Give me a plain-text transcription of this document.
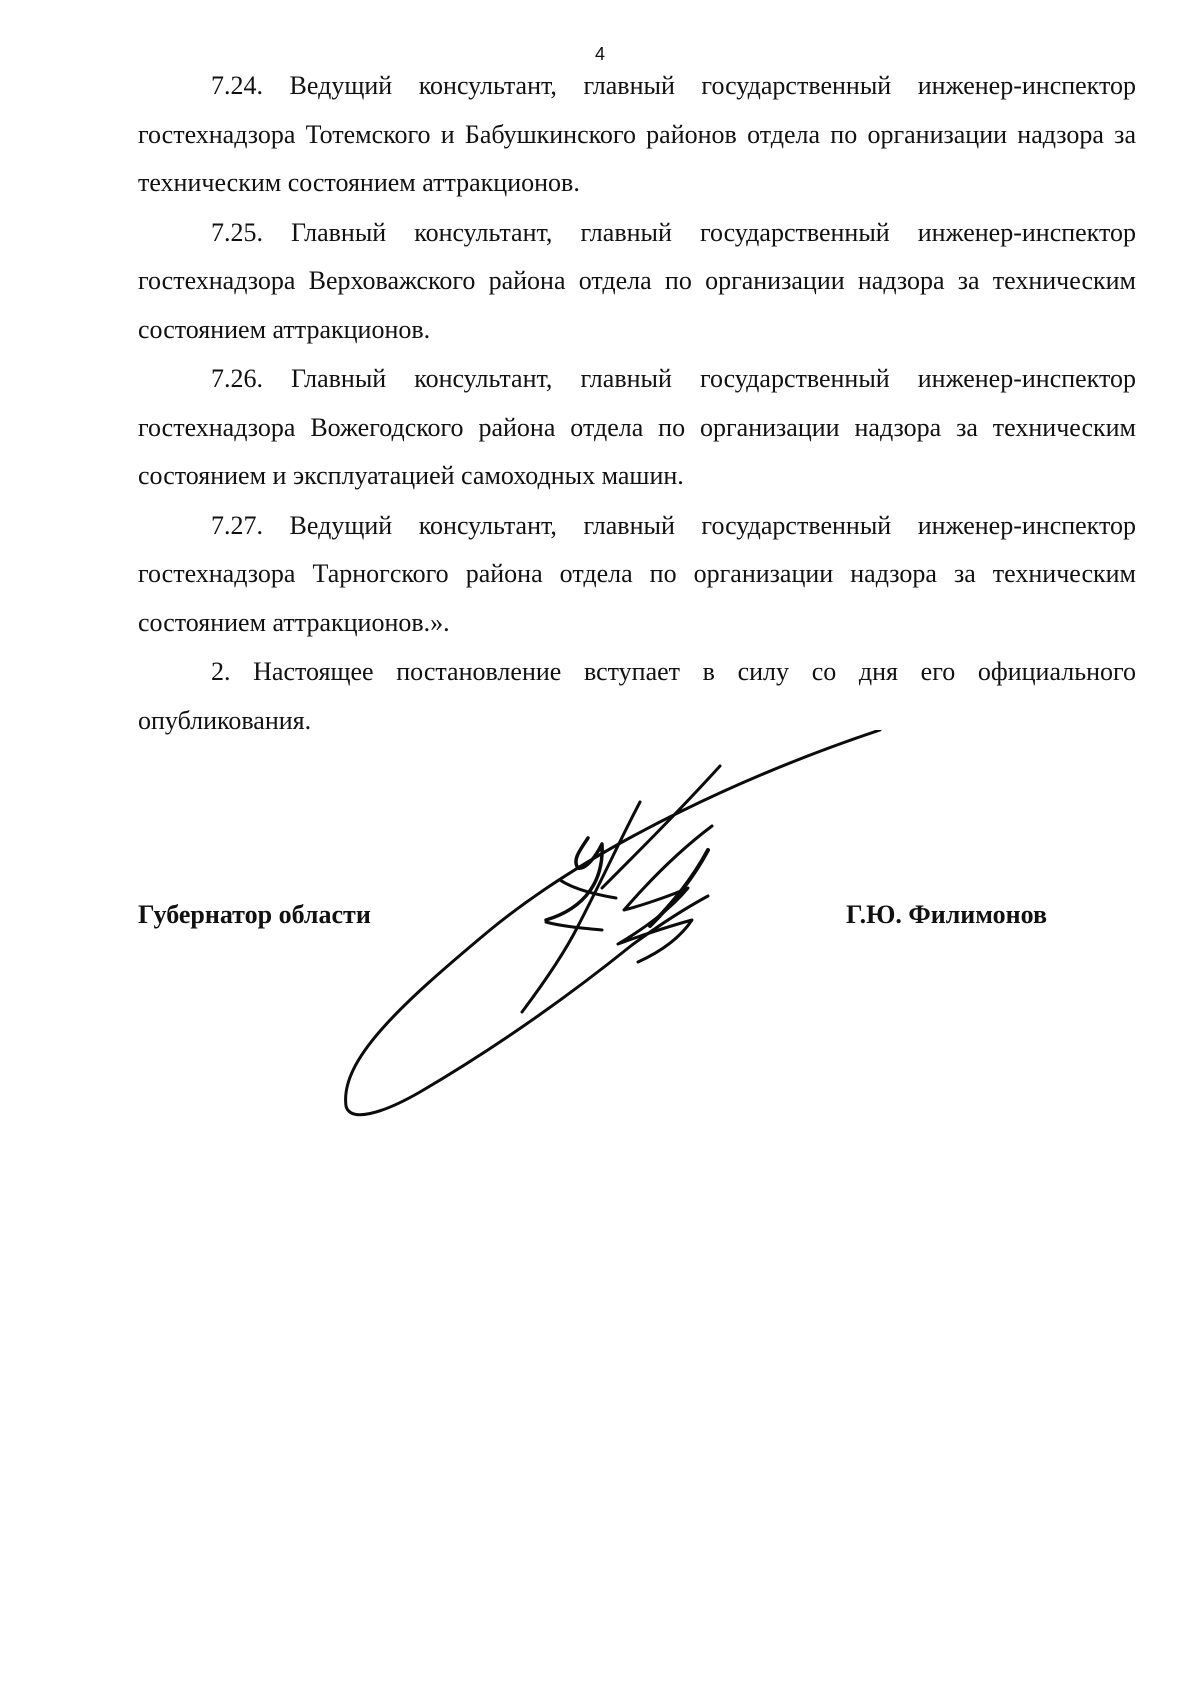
4

7.24. Ведущий консультант, главный государственный инженер-инспектор гостехнадзора Тотемского и Бабушкинского районов отдела по организации надзора за техническим состоянием аттракционов.

7.25. Главный консультант, главный государственный инженер-инспектор гостехнадзора Верховажского района отдела по организации надзора за техническим состоянием аттракционов.

7.26. Главный консультант, главный государственный инженер-инспектор гостехнадзора Вожегодского района отдела по организации надзора за техническим состоянием и эксплуатацией самоходных машин.

7.27. Ведущий консультант, главный государственный инженер-инспектор гостехнадзора Тарногского района отдела по организации надзора за техническим состоянием аттракционов.».

2. Настоящее постановление вступает в силу со дня его официального опубликования.

Губернатор области	Г.Ю. Филимонов
